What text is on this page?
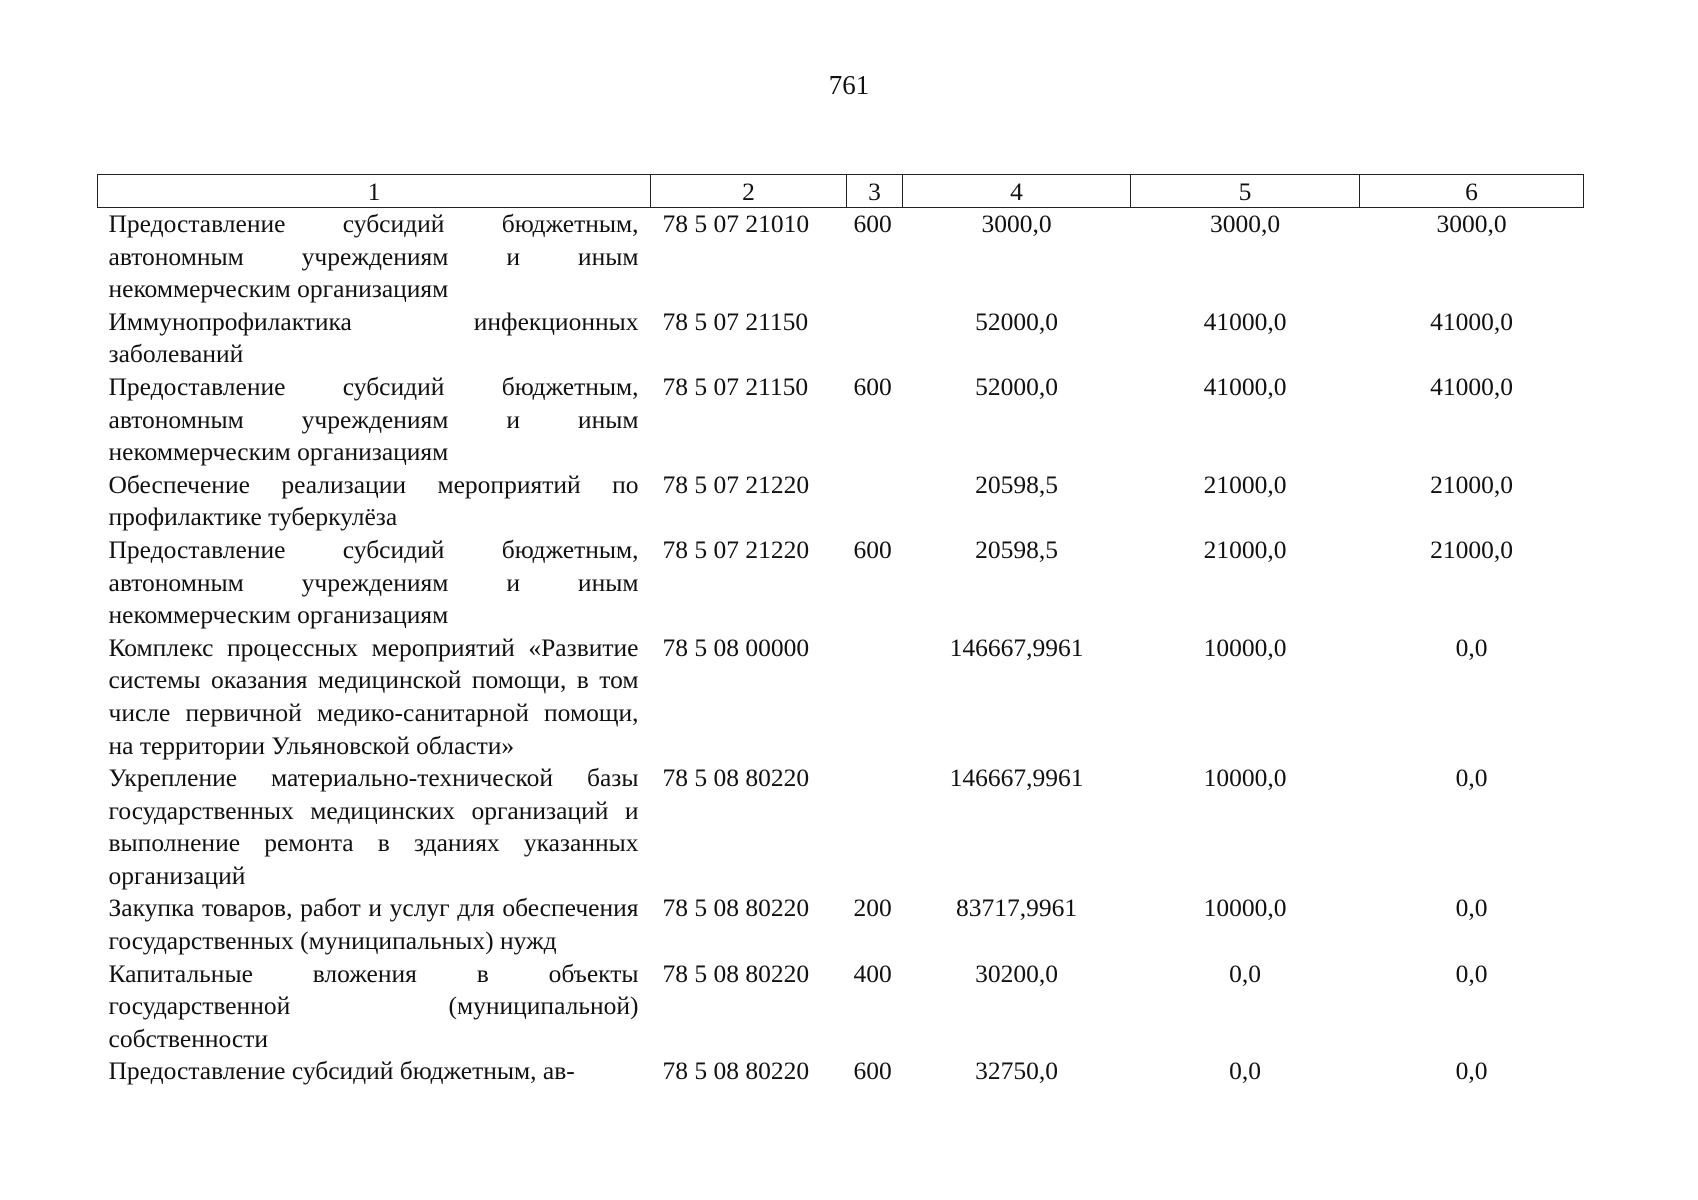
761
1	2	3	4	5	6
Предоставление субсидий бюджетным, автономным учреждениям и иным некоммерческим организациям	78 5 07 21010	600	3000,0	3000,0	3000,0
Иммунопрофилактика инфекционных заболеваний	78 5 07 21150		52000,0	41000,0	41000,0
Предоставление субсидий бюджетным, автономным учреждениям и иным некоммерческим организациям	78 5 07 21150	600	52000,0	41000,0	41000,0
Обеспечение реализации мероприятий по профилактике туберкулёза	78 5 07 21220		20598,5	21000,0	21000,0
Предоставление субсидий бюджетным, автономным учреждениям и иным некоммерческим организациям	78 5 07 21220	600	20598,5	21000,0	21000,0
Комплекс процессных мероприятий «Развитие системы оказания медицинской помощи, в том числе первичной медико-санитарной помощи, на территории Ульяновской области»	78 5 08 00000		146667,9961	10000,0	0,0
Укрепление материально-технической базы государственных медицинских организаций и выполнение ремонта в зданиях указанных организаций	78 5 08 80220		146667,9961	10000,0	0,0
Закупка товаров, работ и услуг для обеспечения государственных (муниципальных) нужд	78 5 08 80220	200	83717,9961	10000,0	0,0
Капитальные вложения в объекты государственной (муниципальной) собственности	78 5 08 80220	400	30200,0	0,0	0,0
Предоставление субсидий бюджетным, ав-	78 5 08 80220	600	32750,0	0,0	0,0
